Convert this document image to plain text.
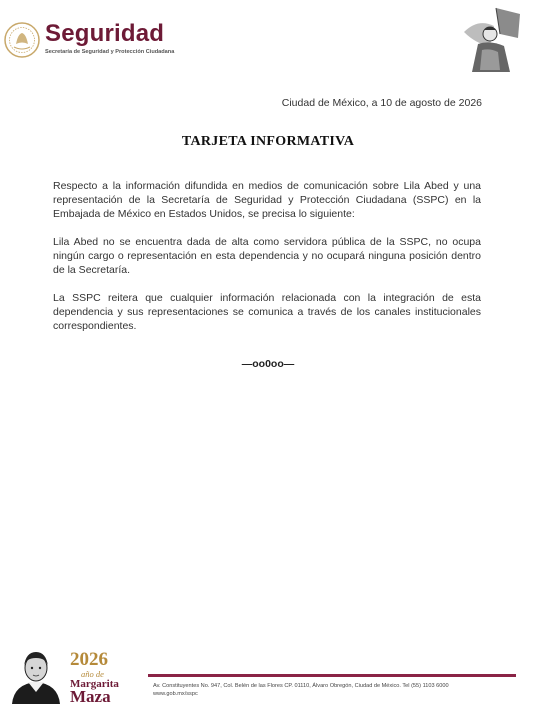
Seguridad
Secretaría de Seguridad y Protección Ciudadana
Ciudad de México, a 10 de agosto de 2026
TARJETA INFORMATIVA

Respecto a la información difundida en medios de comunicación sobre Lila Abed y una representación de la Secretaría de Seguridad y Protección Ciudadana (SSPC) en la Embajada de México en Estados Unidos, se precisa lo siguiente:

Lila Abed no se encuentra dada de alta como servidora pública de la SSPC, no ocupa ningún cargo o representación en esta dependencia y no ocupará ninguna posición dentro de la Secretaría.

La SSPC reitera que cualquier información relacionada con la integración de esta dependencia y sus representaciones se comunica a través de los canales institucionales correspondientes.

—oo0oo—
2026
año de
Margarita
Maza
Av. Constituyentes No. 947, Col. Belén de las Flores CP. 01110, Álvaro Obregón, Ciudad de México. Tel (55) 1103 6000 www.gob.mx/sspc
